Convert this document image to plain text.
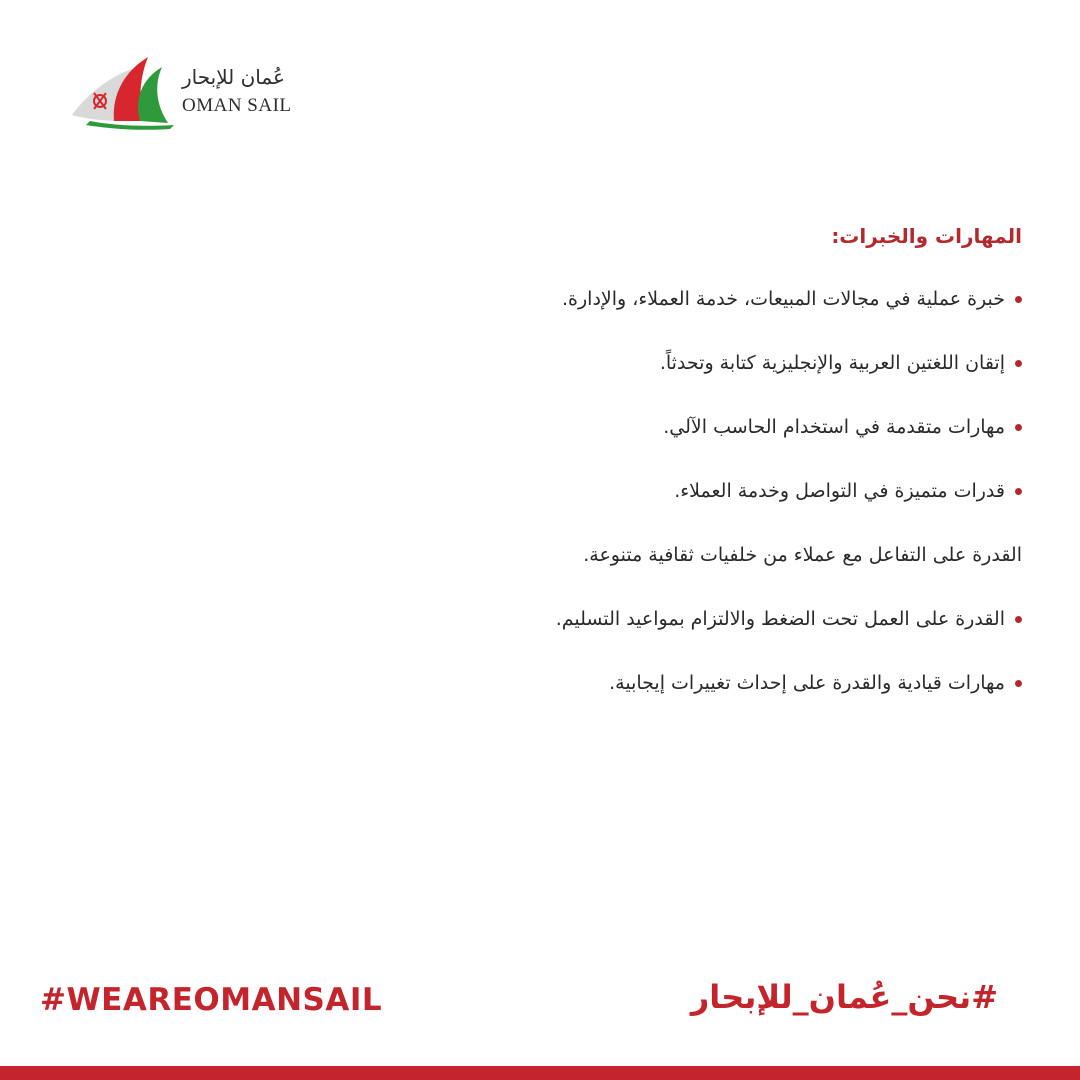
عُمان للإبحار
OMAN SAIL
المهارات والخبرات:
خبرة عملية في مجالات المبيعات، خدمة العملاء، والإدارة.
إتقان اللغتين العربية والإنجليزية كتابة وتحدثاً.
مهارات متقدمة في استخدام الحاسب الآلي.
قدرات متميزة في التواصل وخدمة العملاء.
القدرة على التفاعل مع عملاء من خلفيات ثقافية متنوعة.
القدرة على العمل تحت الضغط والالتزام بمواعيد التسليم.
مهارات قيادية والقدرة على إحداث تغييرات إيجابية.
#WEAREOMANSAIL	#نحن_عُمان_للإبحار
